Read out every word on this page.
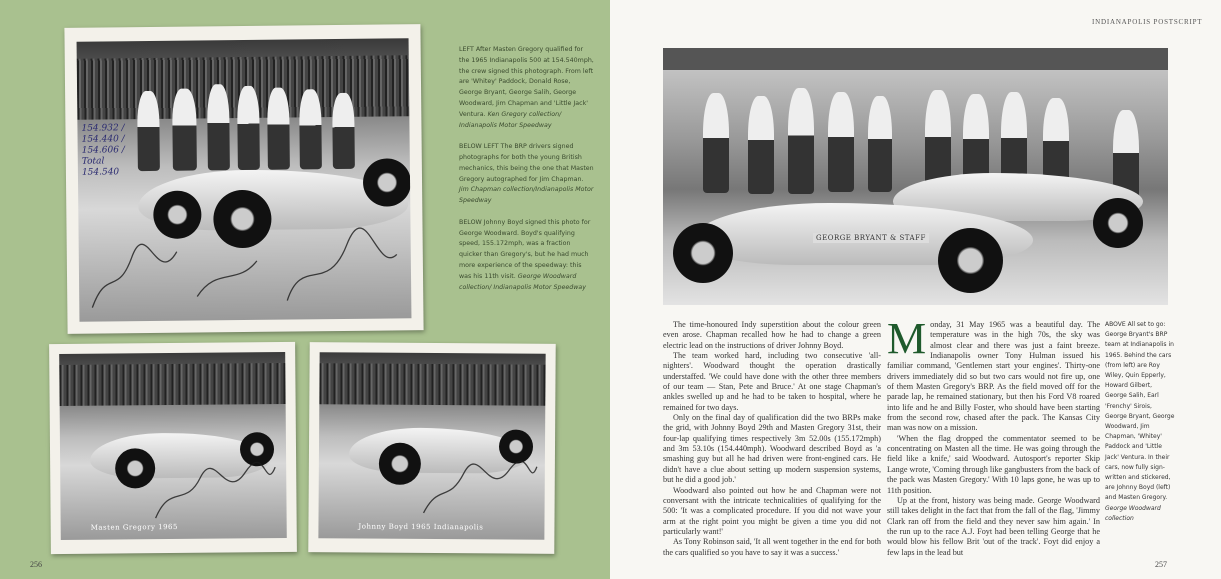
154.932 / 154.440 / 154.606 / Total 154.540
Masten Gregory 1965	Johnny Boyd 1965 Indianapolis

LEFT After Masten Gregory qualified for the 1965 Indianapolis 500 at 154.540mph, the crew signed this photograph. From left are 'Whitey' Paddock, Donald Rose, George Bryant, George Salih, George Woodward, Jim Chapman and 'Little Jack' Ventura. Ken Gregory collection/ Indianapolis Motor Speedway

BELOW LEFT The BRP drivers signed photographs for both the young British mechanics, this being the one that Masten Gregory autographed for Jim Chapman. Jim Chapman collection/Indianapolis Motor Speedway

BELOW Johnny Boyd signed this photo for George Woodward. Boyd's qualifying speed, 155.172mph, was a fraction quicker than Gregory's, but he had much more experience of the speedway: this was his 11th visit. George Woodward collection/ Indianapolis Motor Speedway

256
INDIANAPOLIS POSTSCRIPT
GEORGE BRYANT & STAFF

The time-honoured Indy superstition about the colour green even arose. Chapman recalled how he had to change a green electric lead on the instructions of driver Johnny Boyd.

The team worked hard, including two consecutive 'all-nighters'. Woodward thought the operation drastically understaffed. 'We could have done with the other three members of our team — Stan, Pete and Bruce.' At one stage Chapman's ankles swelled up and he had to be taken to hospital, where he remained for two days.

Only on the final day of qualification did the two BRPs make the grid, with Johnny Boyd 29th and Masten Gregory 31st, their four-lap qualifying times respectively 3m 52.00s (155.172mph) and 3m 53.10s (154.440mph). Woodward described Boyd as 'a smashing guy but all he had driven were front-engined cars. He didn't have a clue about setting up modern suspension systems, but he did a good job.'

Woodward also pointed out how he and Chapman were not conversant with the intricate technicalities of qualifying for the 500: 'It was a complicated procedure. If you did not wave your arm at the right point you might be given a time you did not particularly want!'

As Tony Robinson said, 'It all went together in the end for both the cars qualified so you have to say it was a success.'

Monday, 31 May 1965 was a beautiful day. The temperature was in the high 70s, the sky was almost clear and there was just a faint breeze. Indianapolis owner Tony Hulman issued his familiar command, 'Gentlemen start your engines'. Thirty-one drivers immediately did so but two cars would not fire up, one of them Masten Gregory's BRP. As the field moved off for the parade lap, he remained stationary, but then his Ford V8 roared into life and he and Billy Foster, who should have been starting from the second row, chased after the pack. The Kansas City man was now on a mission.

'When the flag dropped the commentator seemed to be concentrating on Masten all the time. He was going through the field like a knife,' said Woodward. Autosport's reporter Skip Lange wrote, 'Coming through like gangbusters from the back of the pack was Masten Gregory.' With 10 laps gone, he was up to 11th position.

Up at the front, history was being made. George Woodward still takes delight in the fact that from the fall of the flag, 'Jimmy Clark ran off from the field and they never saw him again.' In the run up to the race A.J. Foyt had been telling George that he would blow his fellow Brit 'out of the track'. Foyt did enjoy a few laps in the lead but

ABOVE All set to go: George Bryant's BRP team at Indianapolis in 1965. Behind the cars (from left) are Roy Wiley, Quin Epperly, Howard Gilbert, George Salih, Earl 'Frenchy' Sirois, George Bryant, George Woodward, Jim Chapman, 'Whitey' Paddock and 'Little Jack' Ventura. In their cars, now fully sign-written and stickered, are Johnny Boyd (left) and Masten Gregory. George Woodward collection
257
